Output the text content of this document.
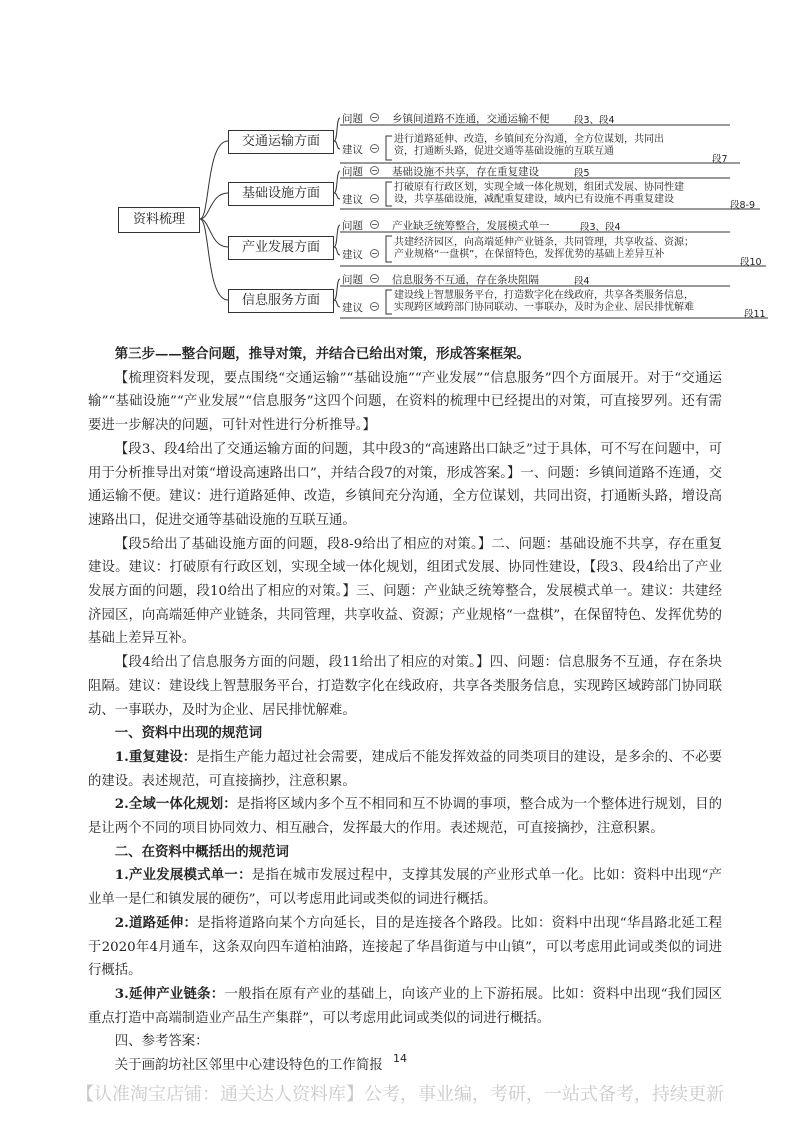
资料梳理
交通运输方面
基础设施方面
产业发展方面
信息服务方面
问题	乡镇间道路不连通，交通运输不便	段3、段4
建议
进行道路延伸、改造，乡镇间充分沟通，全方位谋划，共同出
资，打通断头路，促进交通等基础设施的互联互通
段7
问题	基础设施不共享，存在重复建设	段5
建议
打破原有行政区划，实现全域一体化规划，组团式发展、协同性建
设，共享基础设施，减配重复建设，域内已有设施不再重复建设
段8-9
问题	产业缺乏统筹整合，发展模式单一	段3、段4
建议
共建经济园区，向高端延伸产业链条，共同管理，共享收益、资源；
产业规格“一盘棋”，在保留特色，发挥优势的基础上差异互补
段10
问题	信息服务不互通，存在条块阻隔	段4
建议
建设线上智慧服务平台，打造数字化在线政府，共享各类服务信息，
实现跨区域跨部门协同联动、一事联办，及时为企业、居民排忧解难
段11

第三步——整合问题，推导对策，并结合已给出对策，形成答案框架。

【梳理资料发现，要点围绕“交通运输”“基础设施”“产业发展”“信息服务”四个方面展开。对于“交通运输”“基础设施”“产业发展”“信息服务”这四个问题，在资料的梳理中已经提出的对策，可直接罗列。还有需要进一步解决的问题，可针对性进行分析推导。】

【段3、段4给出了交通运输方面的问题，其中段3的“高速路出口缺乏”过于具体，可不写在问题中，可用于分析推导出对策“增设高速路出口”，并结合段7的对策，形成答案。】一、问题：乡镇间道路不连通，交通运输不便。建议：进行道路延伸、改造，乡镇间充分沟通，全方位谋划，共同出资，打通断头路，增设高速路出口，促进交通等基础设施的互联互通。

【段5给出了基础设施方面的问题，段8-9给出了相应的对策。】二、问题：基础设施不共享，存在重复建设。建议：打破原有行政区划，实现全域一体化规划，组团式发展、协同性建设，【段3、段4给出了产业发展方面的问题，段10给出了相应的对策。】三、问题：产业缺乏统筹整合，发展模式单一。建议：共建经济园区，向高端延伸产业链条，共同管理，共享收益、资源；产业规格“一盘棋”，在保留特色、发挥优势的基础上差异互补。

【段4给出了信息服务方面的问题，段11给出了相应的对策。】四、问题：信息服务不互通，存在条块阻隔。建议：建设线上智慧服务平台，打造数字化在线政府，共享各类服务信息，实现跨区域跨部门协同联动、一事联办，及时为企业、居民排忧解难。

一、资料中出现的规范词

1.重复建设：是指生产能力超过社会需要，建成后不能发挥效益的同类项目的建设，是多余的、不必要的建设。表述规范，可直接摘抄，注意积累。

2.全域一体化规划：是指将区域内多个互不相同和互不协调的事项，整合成为一个整体进行规划，目的是让两个不同的项目协同效力、相互融合，发挥最大的作用。表述规范，可直接摘抄，注意积累。

二、在资料中概括出的规范词

1.产业发展模式单一：是指在城市发展过程中，支撑其发展的产业形式单一化。比如：资料中出现“产业单一是仁和镇发展的硬伤”，可以考虑用此词或类似的词进行概括。

2.道路延伸：是指将道路向某个方向延长，目的是连接各个路段。比如：资料中出现“华昌路北延工程于2020年4月通车，这条双向四车道柏油路，连接起了华昌街道与中山镇”，可以考虑用此词或类似的词进行概括。

3.延伸产业链条：一般指在原有产业的基础上，向该产业的上下游拓展。比如：资料中出现“我们园区重点打造中高端制造业产品生产集群”，可以考虑用此词或类似的词进行概括。

四、参考答案：

关于画韵坊社区邻里中心建设特色的工作简报 14
【认准淘宝店铺：通关达人资料库】公考，事业编，考研，一站式备考，持续更新
